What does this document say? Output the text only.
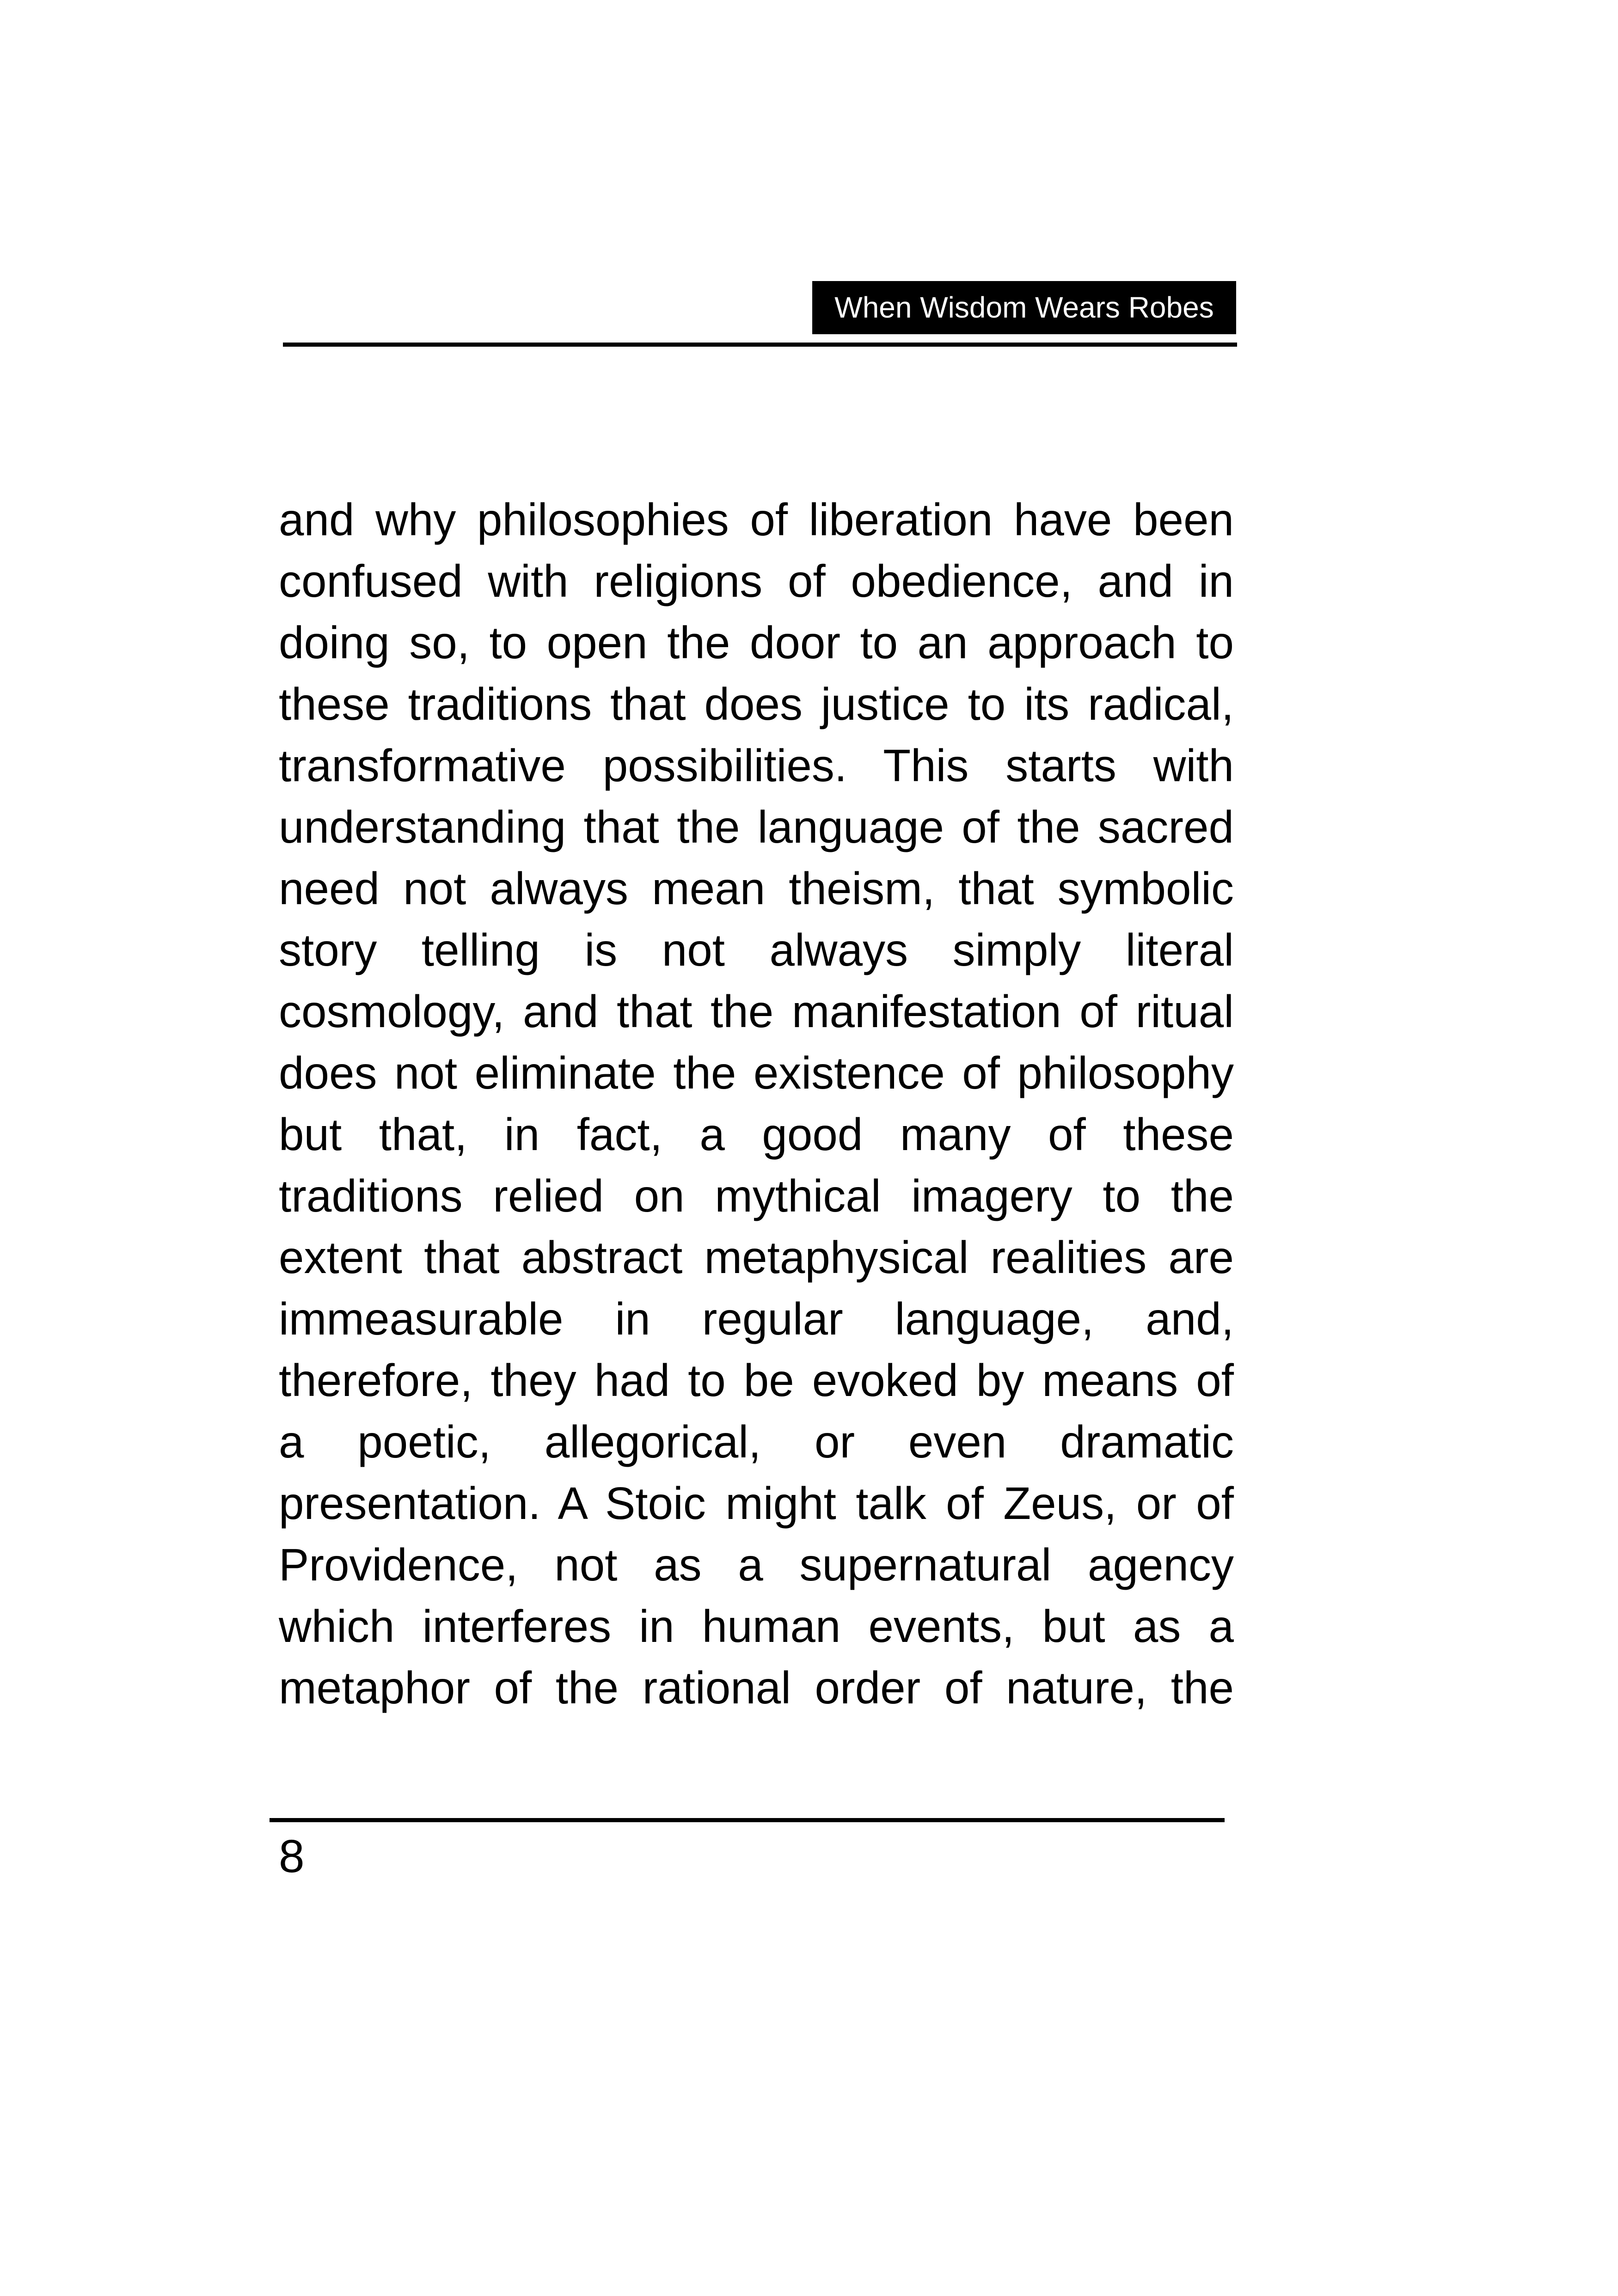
When Wisdom Wears Robes
and why philosophies of liberation have been
confused with religions of obedience, and in
doing so, to open the door to an approach to
these traditions that does justice to its radical,
transformative possibilities. This starts with
understanding that the language of the sacred
need not always mean theism, that symbolic
story telling is not always simply literal
cosmology, and that the manifestation of ritual
does not eliminate the existence of philosophy
but that, in fact, a good many of these
traditions relied on mythical imagery to the
extent that abstract metaphysical realities are
immeasurable in regular language, and,
therefore, they had to be evoked by means of
a poetic, allegorical, or even dramatic
presentation. A Stoic might talk of Zeus, or of
Providence, not as a supernatural agency
which interferes in human events, but as a
metaphor of the rational order of nature, the
8
